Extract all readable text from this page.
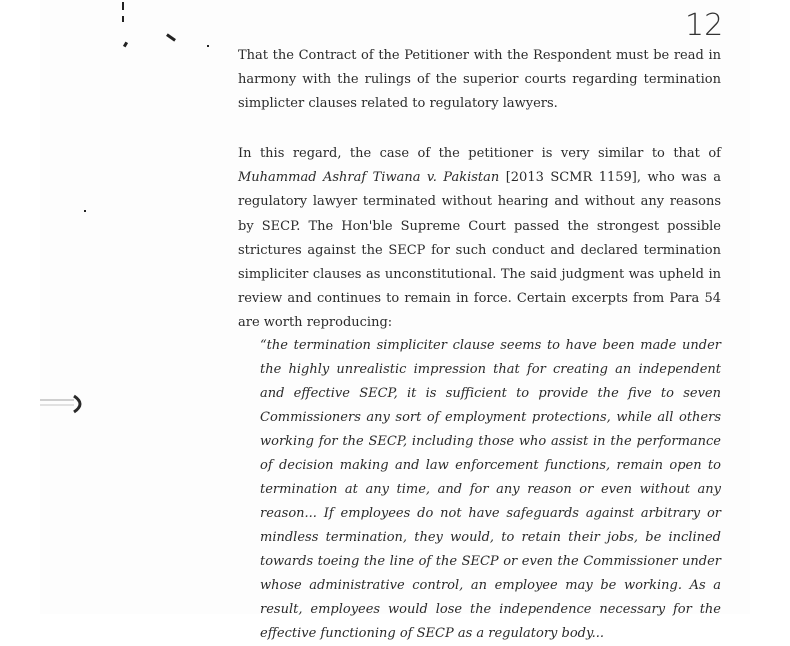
12

That the Contract of the Petitioner with the Respondent must be read in harmony with the rulings of the superior courts regarding termination simplicter clauses related to regulatory lawyers.

In this regard, the case of the petitioner is very similar to that of Muhammad Ashraf Tiwana v. Pakistan [2013 SCMR 1159], who was a regulatory lawyer terminated without hearing and without any reasons by SECP. The Hon'ble Supreme Court passed the strongest possible strictures against the SECP for such conduct and declared termination simpliciter clauses as unconstitutional. The said judgment was upheld in review and continues to remain in force. Certain excerpts from Para 54 are worth reproducing:

“the termination simpliciter clause seems to have been made under the highly unrealistic impression that for creating an independent and effective SECP, it is sufficient to provide the five to seven Commissioners any sort of employment protections, while all others working for the SECP, including those who assist in the performance of decision making and law enforcement functions, remain open to termination at any time, and for any reason or even without any reason... If employees do not have safeguards against arbitrary or mindless termination, they would, to retain their jobs, be inclined towards toeing the line of the SECP or even the Commissioner under whose administrative control, an employee may be working. As a result, employees would lose the independence necessary for the effective functioning of SECP as a regulatory body...
